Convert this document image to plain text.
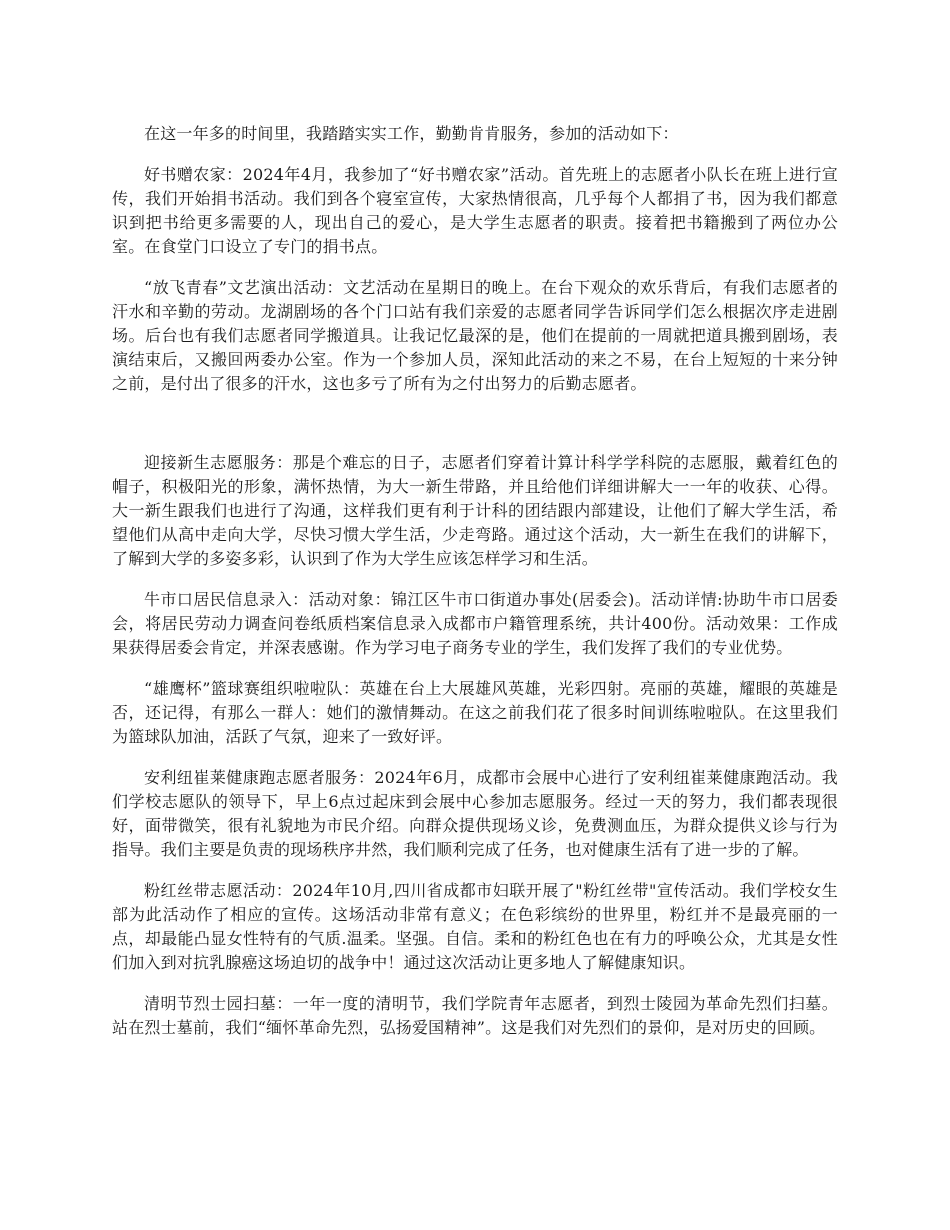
在这一年多的时间里，我踏踏实实工作，勤勤肯肯服务，参加的活动如下：

好书赠农家：2024年4月，我参加了“好书赠农家”活动。首先班上的志愿者小队长在班上进行宣传，我们开始捐书活动。我们到各个寝室宣传，大家热情很高，几乎每个人都捐了书，因为我们都意识到把书给更多需要的人，现出自己的爱心，是大学生志愿者的职责。接着把书籍搬到了两位办公室。在食堂门口设立了专门的捐书点。

“放飞青春”文艺演出活动：文艺活动在星期日的晚上。在台下观众的欢乐背后，有我们志愿者的汗水和辛勤的劳动。龙湖剧场的各个门口站有我们亲爱的志愿者同学告诉同学们怎么根据次序走进剧场。后台也有我们志愿者同学搬道具。让我记忆最深的是，他们在提前的一周就把道具搬到剧场，表演结束后，又搬回两委办公室。作为一个参加人员，深知此活动的来之不易，在台上短短的十来分钟之前，是付出了很多的汗水，这也多亏了所有为之付出努力的后勤志愿者。

迎接新生志愿服务：那是个难忘的日子，志愿者们穿着计算计科学学科院的志愿服，戴着红色的帽子，积极阳光的形象，满怀热情，为大一新生带路，并且给他们详细讲解大一一年的收获、心得。大一新生跟我们也进行了沟通，这样我们更有利于计科的团结跟内部建设，让他们了解大学生活，希望他们从高中走向大学，尽快习惯大学生活，少走弯路。通过这个活动，大一新生在我们的讲解下，了解到大学的多姿多彩，认识到了作为大学生应该怎样学习和生活。

牛市口居民信息录入：活动对象：锦江区牛市口街道办事处(居委会)。活动详情:协助牛市口居委会，将居民劳动力调查问卷纸质档案信息录入成都市户籍管理系统，共计400份。活动效果：工作成果获得居委会肯定，并深表感谢。作为学习电子商务专业的学生，我们发挥了我们的专业优势。

“雄鹰杯”篮球赛组织啦啦队：英雄在台上大展雄风英雄，光彩四射。亮丽的英雄，耀眼的英雄是否，还记得，有那么一群人：她们的激情舞动。在这之前我们花了很多时间训练啦啦队。在这里我们为篮球队加油，活跃了气氛，迎来了一致好评。

安利纽崔莱健康跑志愿者服务：2024年6月，成都市会展中心进行了安利纽崔莱健康跑活动。我们学校志愿队的领导下，早上6点过起床到会展中心参加志愿服务。经过一天的努力，我们都表现很好，面带微笑，很有礼貌地为市民介绍。向群众提供现场义诊，免费测血压，为群众提供义诊与行为指导。我们主要是负责的现场秩序井然，我们顺利完成了任务，也对健康生活有了进一步的了解。

粉红丝带志愿活动：2024年10月,四川省成都市妇联开展了"粉红丝带"宣传活动。我们学校女生部为此活动作了相应的宣传。这场活动非常有意义；在色彩缤纷的世界里，粉红并不是最亮丽的一点，却最能凸显女性特有的气质.温柔。坚强。自信。柔和的粉红色也在有力的呼唤公众，尤其是女性们加入到对抗乳腺癌这场迫切的战争中！通过这次活动让更多地人了解健康知识。

清明节烈士园扫墓：一年一度的清明节，我们学院青年志愿者，到烈士陵园为革命先烈们扫墓。站在烈士墓前，我们“缅怀革命先烈，弘扬爱国精神”。这是我们对先烈们的景仰，是对历史的回顾。
